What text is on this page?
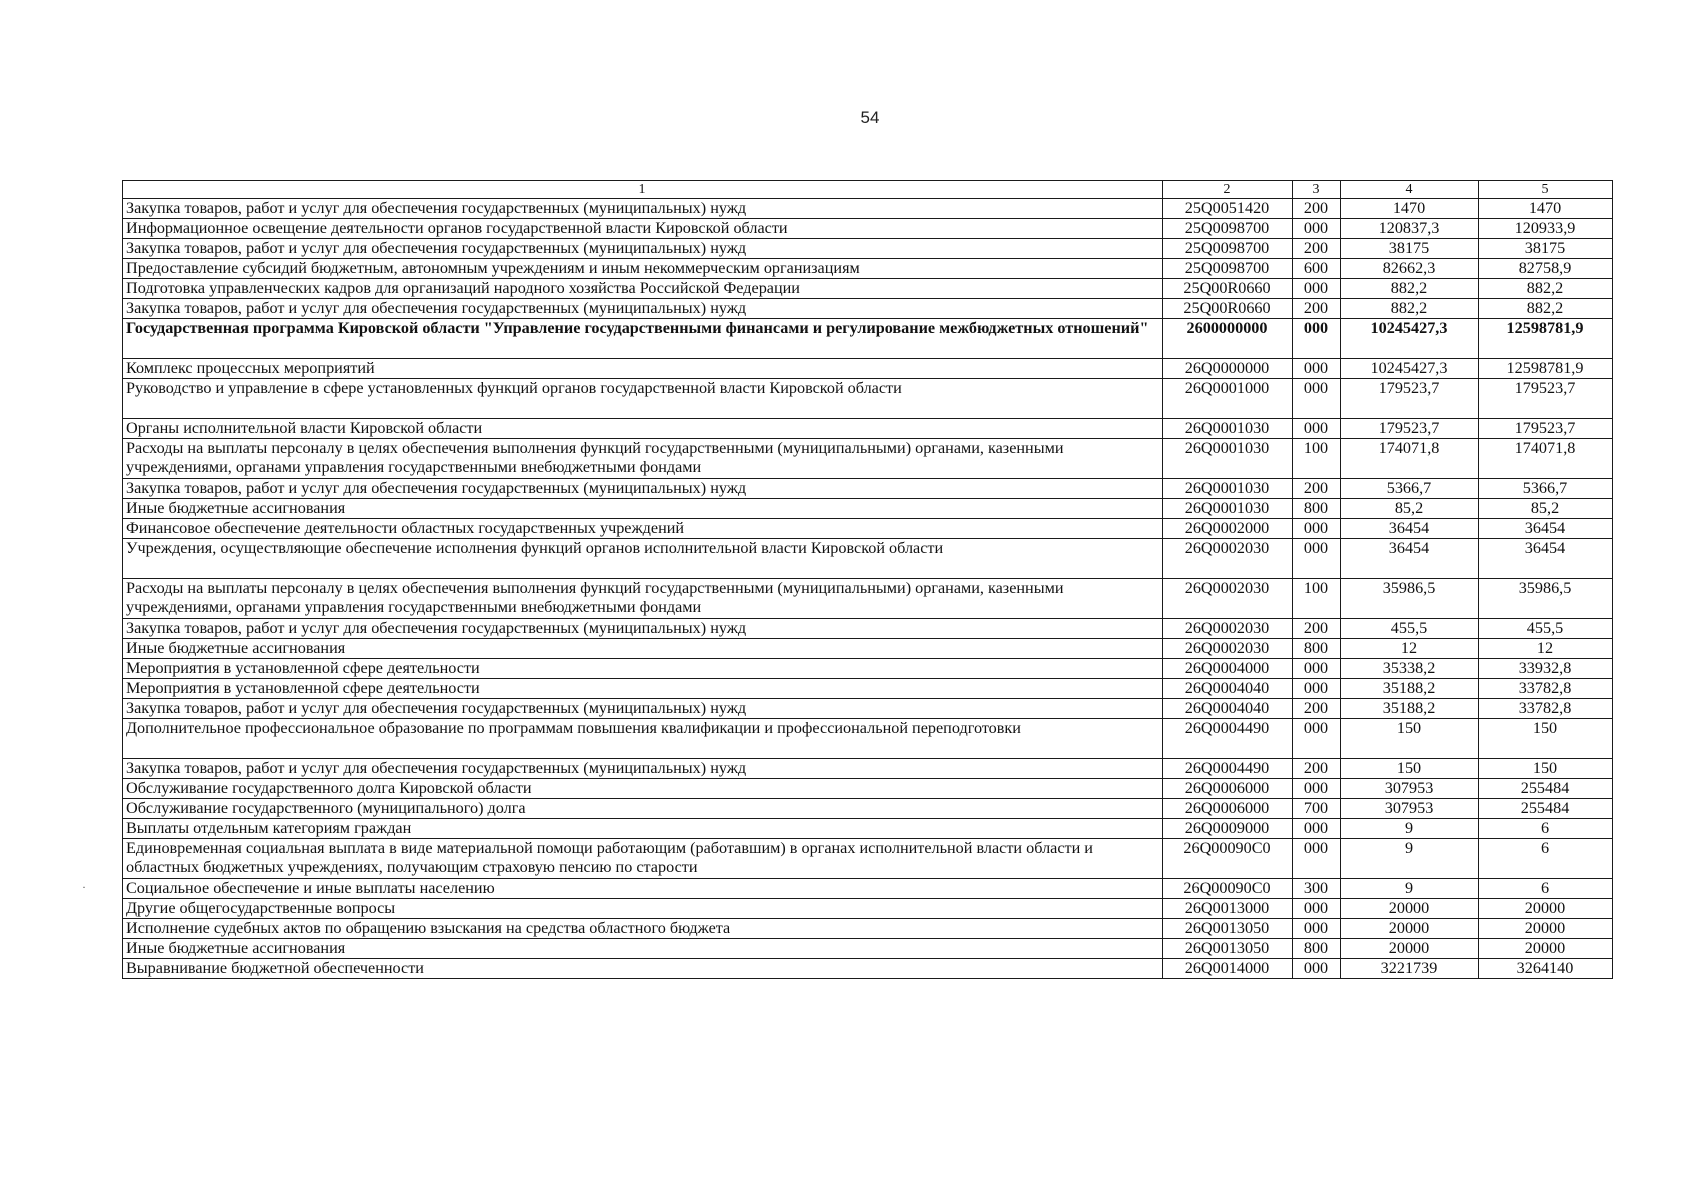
54
1	2	3	4	5
Закупка товаров, работ и услуг для обеспечения государственных (муниципальных) нужд	25Q0051420	200	1470	1470
Информационное освещение деятельности органов государственной власти Кировской области	25Q0098700	000	120837,3	120933,9
Закупка товаров, работ и услуг для обеспечения государственных (муниципальных) нужд	25Q0098700	200	38175	38175
Предоставление субсидий бюджетным, автономным учреждениям и иным некоммерческим организациям	25Q0098700	600	82662,3	82758,9
Подготовка управленческих кадров для организаций народного хозяйства Российской Федерации	25Q00R0660	000	882,2	882,2
Закупка товаров, работ и услуг для обеспечения государственных (муниципальных) нужд	25Q00R0660	200	882,2	882,2
Государственная программа Кировской области "Управление государственными финансами и регулирование межбюджетных отношений"	2600000000	000	10245427,3	12598781,9
Комплекс процессных мероприятий	26Q0000000	000	10245427,3	12598781,9
Руководство и управление в сфере установленных функций органов государственной власти Кировской области	26Q0001000	000	179523,7	179523,7
Органы исполнительной власти Кировской области	26Q0001030	000	179523,7	179523,7
Расходы на выплаты персоналу в целях обеспечения выполнения функций государственными (муниципальными) органами, казенными учреждениями, органами управления государственными внебюджетными фондами	26Q0001030	100	174071,8	174071,8
Закупка товаров, работ и услуг для обеспечения государственных (муниципальных) нужд	26Q0001030	200	5366,7	5366,7
Иные бюджетные ассигнования	26Q0001030	800	85,2	85,2
Финансовое обеспечение деятельности областных государственных учреждений	26Q0002000	000	36454	36454
Учреждения, осуществляющие обеспечение исполнения функций органов исполнительной власти Кировской области	26Q0002030	000	36454	36454
Расходы на выплаты персоналу в целях обеспечения выполнения функций государственными (муниципальными) органами, казенными учреждениями, органами управления государственными внебюджетными фондами	26Q0002030	100	35986,5	35986,5
Закупка товаров, работ и услуг для обеспечения государственных (муниципальных) нужд	26Q0002030	200	455,5	455,5
Иные бюджетные ассигнования	26Q0002030	800	12	12
Мероприятия в установленной сфере деятельности	26Q0004000	000	35338,2	33932,8
Мероприятия в установленной сфере деятельности	26Q0004040	000	35188,2	33782,8
Закупка товаров, работ и услуг для обеспечения государственных (муниципальных) нужд	26Q0004040	200	35188,2	33782,8
Дополнительное профессиональное образование по программам повышения квалификации и профессиональной переподготовки	26Q0004490	000	150	150
Закупка товаров, работ и услуг для обеспечения государственных (муниципальных) нужд	26Q0004490	200	150	150
Обслуживание государственного долга Кировской области	26Q0006000	000	307953	255484
Обслуживание государственного (муниципального) долга	26Q0006000	700	307953	255484
Выплаты отдельным категориям граждан	26Q0009000	000	9	6
Единовременная социальная выплата в виде материальной помощи работающим (работавшим) в органах исполнительной власти области и областных бюджетных учреждениях, получающим страховую пенсию по старости	26Q00090C0	000	9	6
Социальное обеспечение и иные выплаты населению	26Q00090C0	300	9	6
Другие общегосударственные вопросы	26Q0013000	000	20000	20000
Исполнение судебных актов по обращению взыскания на средства областного бюджета	26Q0013050	000	20000	20000
Иные бюджетные ассигнования	26Q0013050	800	20000	20000
Выравнивание бюджетной обеспеченности	26Q0014000	000	3221739	3264140
·
